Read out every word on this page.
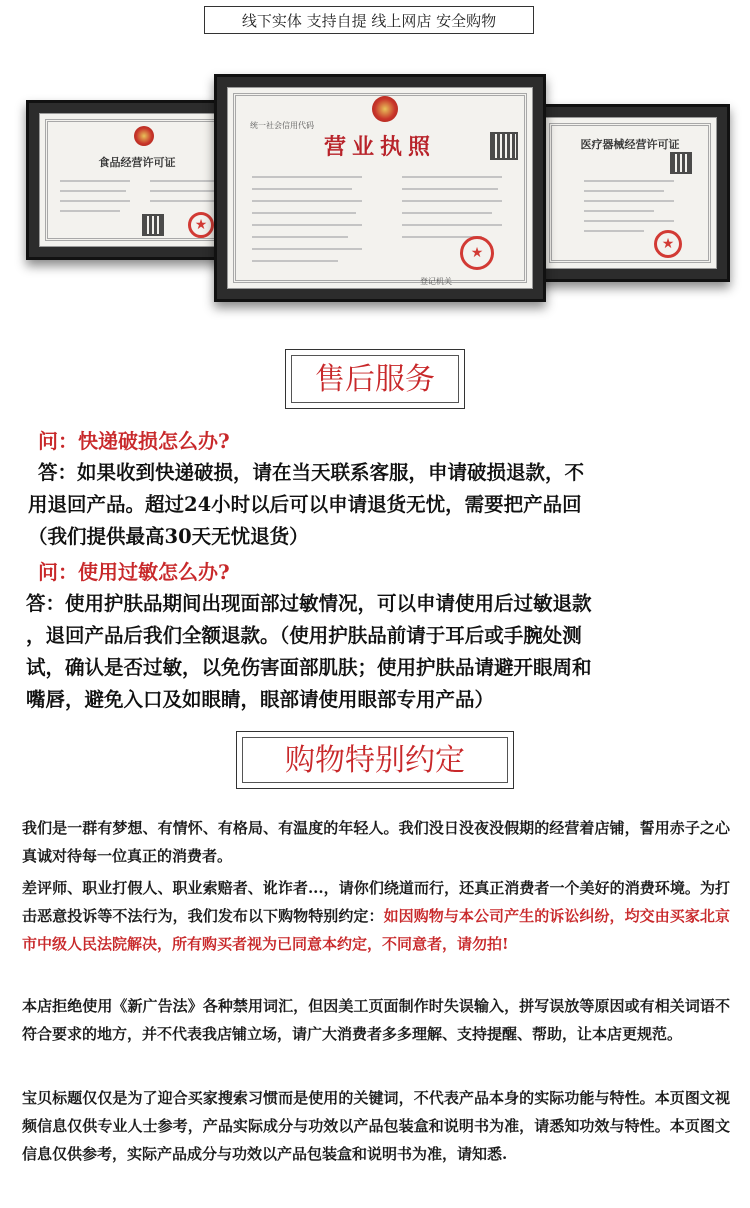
线下实体 支持自提 线上网店 安全购物
食品经营许可证
★
医疗器械经营许可证
★
统一社会信用代码
营业执照
★
登记机关
售后服务
问：快递破损怎么办?
答：如果收到快递破损，请在当天联系客服，申请破损退款，不
用退回产品。超过24小时以后可以申请退货无忧，需要把产品回
（我们提供最高30天无忧退货）
问：使用过敏怎么办?
答：使用护肤品期间出现面部过敏情况，可以申请使用后过敏退款
，退回产品后我们全额退款。（使用护肤品前请于耳后或手腕处测
试，确认是否过敏，以免伤害面部肌肤；使用护肤品请避开眼周和
嘴唇，避免入口及如眼睛，眼部请使用眼部专用产品）
购物特别约定
我们是一群有梦想、有情怀、有格局、有温度的年轻人。我们没日没夜没假期的经营着店铺，誓用赤子之心真诚对待每一位真正的消费者。
差评师、职业打假人、职业索赔者、讹诈者...，请你们绕道而行，还真正消费者一个美好的消费环境。为打击恶意投诉等不法行为，我们发布以下购物特别约定：如因购物与本公司产生的诉讼纠纷，均交由买家北京市中级人民法院解决，所有购买者视为已同意本约定，不同意者，请勿拍!
本店拒绝使用《新广告法》各种禁用词汇，但因美工页面制作时失误输入，拼写误放等原因或有相关词语不符合要求的地方，并不代表我店铺立场，请广大消费者多多理解、支持提醒、帮助，让本店更规范。
宝贝标题仅仅是为了迎合买家搜索习惯而是使用的关键词，不代表产品本身的实际功能与特性。本页图文视频信息仅供专业人士参考，产品实际成分与功效以产品包装盒和说明书为准，请悉知功效与特性。本页图文信息仅供参考，实际产品成分与功效以产品包装盒和说明书为准，请知悉.
